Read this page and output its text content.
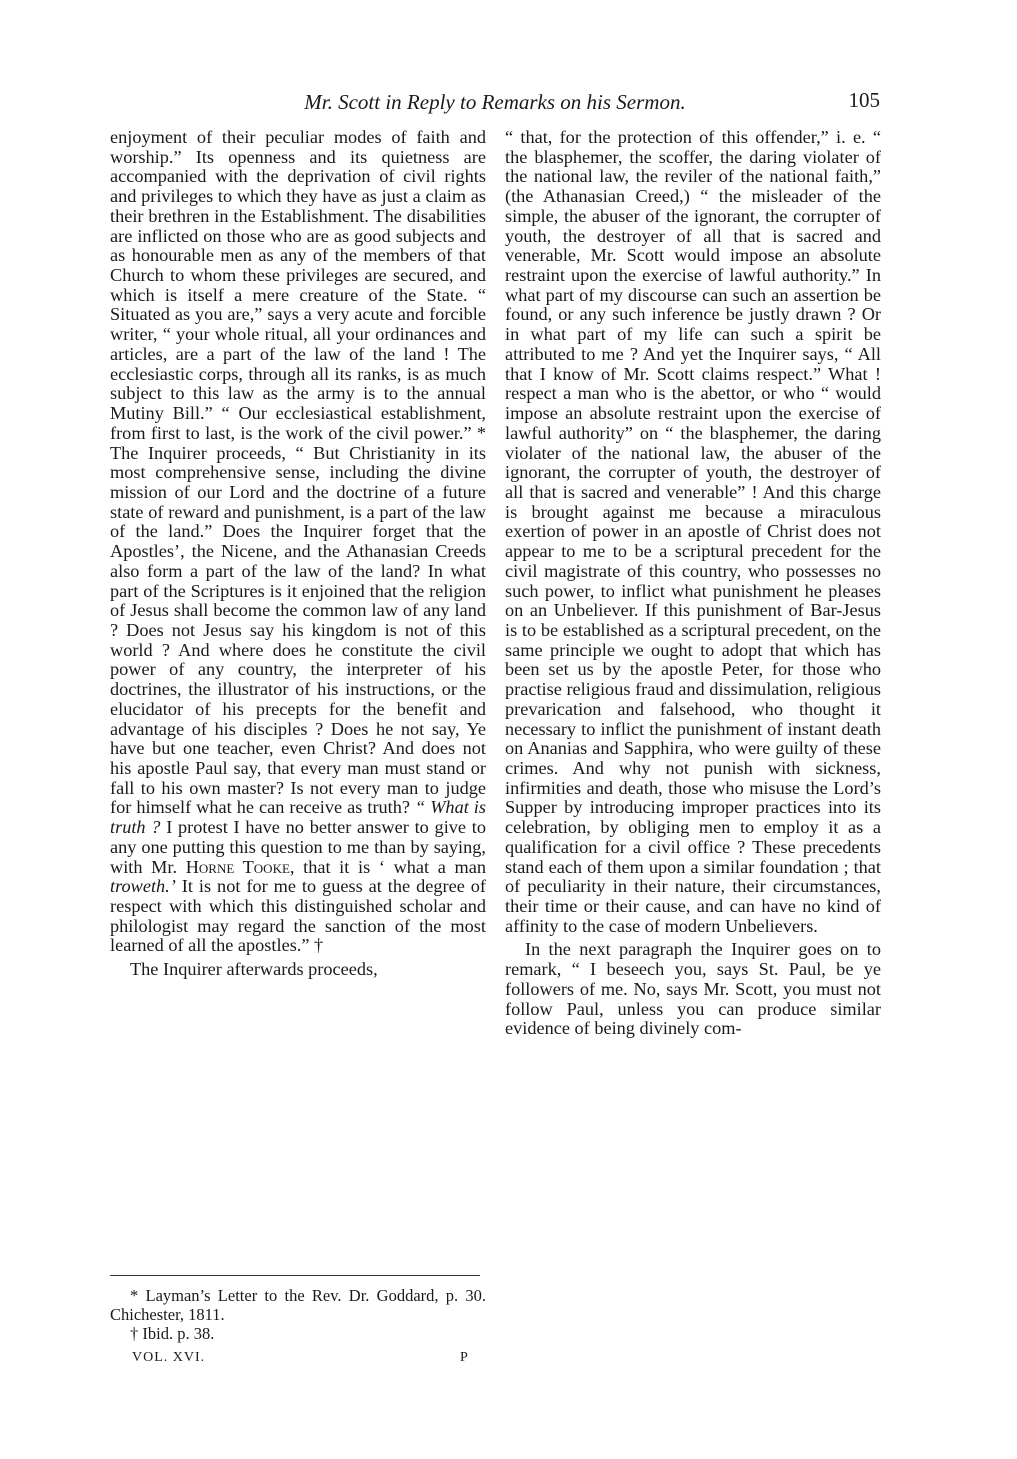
Mr. Scott in Reply to Remarks on his Sermon.	105

enjoyment of their peculiar modes of faith and worship.” Its openness and its quietness are accompanied with the deprivation of civil rights and privileges to which they have as just a claim as their brethren in the Establishment. The disabilities are inflicted on those who are as good subjects and as honourable men as any of the members of that Church to whom these privileges are secured, and which is itself a mere creature of the State. “ Situated as you are,” says a very acute and forcible writer, “ your whole ritual, all your ordinances and articles, are a part of the law of the land ! The ecclesiastic corps, through all its ranks, is as much subject to this law as the army is to the annual Mutiny Bill.” “ Our ecclesiastical establishment, from first to last, is the work of the civil power.” * The Inquirer proceeds, “ But Christianity in its most comprehensive sense, including the divine mission of our Lord and the doctrine of a future state of reward and punishment, is a part of the law of the land.” Does the Inquirer forget that the Apostles’, the Nicene, and the Athanasian Creeds also form a part of the law of the land? In what part of the Scriptures is it enjoined that the religion of Jesus shall become the common law of any land ? Does not Jesus say his kingdom is not of this world ? And where does he constitute the civil power of any country, the interpreter of his doctrines, the illustrator of his instructions, or the elucidator of his precepts for the benefit and advantage of his disciples ? Does he not say, Ye have but one teacher, even Christ? And does not his apostle Paul say, that every man must stand or fall to his own master? Is not every man to judge for himself what he can receive as truth? “ What is truth ? I protest I have no better answer to give to any one putting this question to me than by saying, with Mr. Horne Tooke, that it is ‘ what a man troweth.’ It is not for me to guess at the degree of respect with which this distinguished scholar and philologist may regard the sanction of the most learned of all the apostles.” †

The Inquirer afterwards proceeds,

“ that, for the protection of this offender,” i. e. “ the blasphemer, the scoffer, the daring violater of the national law, the reviler of the national faith,” (the Athanasian Creed,) “ the misleader of the simple, the abuser of the ignorant, the corrupter of youth, the destroyer of all that is sacred and venerable, Mr. Scott would impose an absolute restraint upon the exercise of lawful authority.” In what part of my discourse can such an assertion be found, or any such inference be justly drawn ? Or in what part of my life can such a spirit be attributed to me ? And yet the Inquirer says, “ All that I know of Mr. Scott claims respect.” What ! respect a man who is the abettor, or who “ would impose an absolute restraint upon the exercise of lawful authority” on “ the blasphemer, the daring violater of the national law, the abuser of the ignorant, the corrupter of youth, the destroyer of all that is sacred and venerable” ! And this charge is brought against me because a miraculous exertion of power in an apostle of Christ does not appear to me to be a scriptural precedent for the civil magistrate of this country, who possesses no such power, to inflict what punishment he pleases on an Unbeliever. If this punishment of Bar-Jesus is to be established as a scriptural precedent, on the same principle we ought to adopt that which has been set us by the apostle Peter, for those who practise religious fraud and dissimulation, religious prevarication and falsehood, who thought it necessary to inflict the punishment of instant death on Ananias and Sapphira, who were guilty of these crimes. And why not punish with sickness, infirmities and death, those who misuse the Lord’s Supper by introducing improper practices into its celebration, by obliging men to employ it as a qualification for a civil office ? These precedents stand each of them upon a similar foundation ; that of peculiarity in their nature, their circumstances, their time or their cause, and can have no kind of affinity to the case of modern Unbelievers.

In the next paragraph the Inquirer goes on to remark, “ I beseech you, says St. Paul, be ye followers of me. No, says Mr. Scott, you must not follow Paul, unless you can produce similar evidence of being divinely com-

* Layman’s Letter to the Rev. Dr. Goddard, p. 30. Chichester, 1811.

† Ibid. p. 38.

VOL. XVI.	P
